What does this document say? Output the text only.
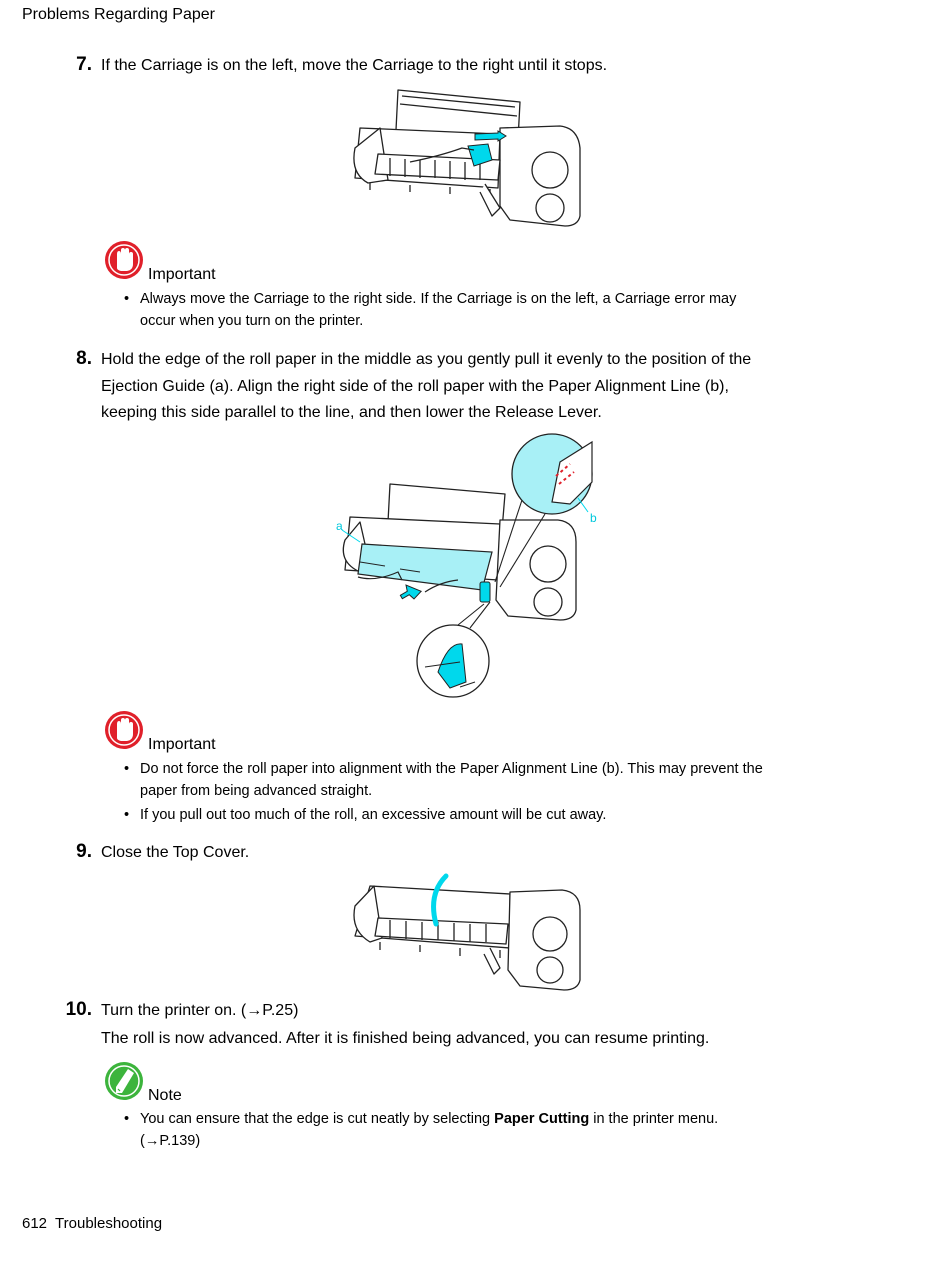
Problems Regarding Paper
7. If the Carriage is on the left, move the Carriage to the right until it stops.
Important
• Always move the Carriage to the right side. If the Carriage is on the left, a Carriage error may
occur when you turn on the printer.
8. Hold the edge of the roll paper in the middle as you gently pull it evenly to the position of the
Ejection Guide (a). Align the right side of the roll paper with the Paper Alignment Line (b),
keeping this side parallel to the line, and then lower the Release Lever.
a
b
Important
• Do not force the roll paper into alignment with the Paper Alignment Line (b). This may prevent the
paper from being advanced straight.
• If you pull out too much of the roll, an excessive amount will be cut away.
9. Close the Top Cover.
10. Turn the printer on. (→P.25)
The roll is now advanced. After it is finished being advanced, you can resume printing.
Note
• You can ensure that the edge is cut neatly by selecting Paper Cutting in the printer menu.
(→P.139)
612 Troubleshooting
